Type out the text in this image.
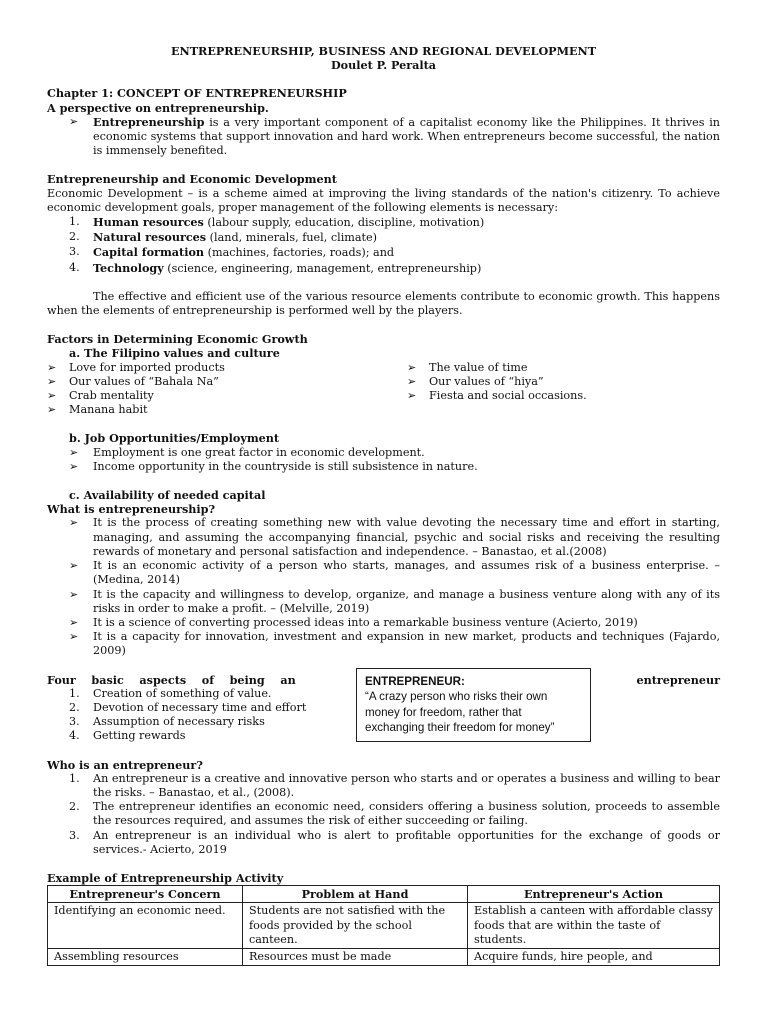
ENTREPRENEURSHIP, BUSINESS AND REGIONAL DEVELOPMENT
Doulet P. Peralta
Chapter 1: CONCEPT OF ENTREPRENEURSHIP
A perspective on entrepreneurship.
➢ Entrepreneurship is a very important component of a capitalist economy like the Philippines. It thrives in economic systems that support innovation and hard work. When entrepreneurs become successful, the nation is immensely benefited.
Entrepreneurship and Economic Development
Economic Development – is a scheme aimed at improving the living standards of the nation's citizenry. To achieve economic development goals, proper management of the following elements is necessary:
1. Human resources (labour supply, education, discipline, motivation)
2. Natural resources (land, minerals, fuel, climate)
3. Capital formation (machines, factories, roads); and
4. Technology (science, engineering, management, entrepreneurship)
The effective and efficient use of the various resource elements contribute to economic growth. This happens when the elements of entrepreneurship is performed well by the players.
Factors in Determining Economic Growth
a. The Filipino values and culture
➢ Love for imported products
➢ Our values of “Bahala Na”
➢ Crab mentality
➢ Manana habit
➢ The value of time
➢ Our values of “hiya”
➢ Fiesta and social occasions.
b. Job Opportunities/Employment
➢ Employment is one great factor in economic development.
➢ Income opportunity in the countryside is still subsistence in nature.
c. Availability of needed capital
What is entrepreneurship?
➢ It is the process of creating something new with value devoting the necessary time and effort in starting, managing, and assuming the accompanying financial, psychic and social risks and receiving the resulting rewards of monetary and personal satisfaction and independence. – Banastao, et al.(2008)
➢ It is an economic activity of a person who starts, manages, and assumes risk of a business enterprise. – (Medina, 2014)
➢ It is the capacity and willingness to develop, organize, and manage a business venture along with any of its risks in order to make a profit. – (Melville, 2019)
➢ It is a science of converting processed ideas into a remarkable business venture (Acierto, 2019)
➢ It is a capacity for innovation, investment and expansion in new market, products and techniques (Fajardo, 2009)
Four    basic    aspects    of    being    an	entrepreneur
1. Creation of something of value.
2. Devotion of necessary time and effort
3. Assumption of necessary risks
4. Getting rewards
ENTREPRENEUR:
“A crazy person who risks their own money for freedom, rather that exchanging their freedom for money”
Who is an entrepreneur?
1. An entrepreneur is a creative and innovative person who starts and or operates a business and willing to bear the risks. – Banastao, et al., (2008).
2. The entrepreneur identifies an economic need, considers offering a business solution, proceeds to assemble the resources required, and assumes the risk of either succeeding or failing.
3. An entrepreneur is an individual who is alert to profitable opportunities for the exchange of goods or services.- Acierto, 2019
Example of Entrepreneurship Activity
Entrepreneur's Concern	Problem at Hand	Entrepreneur's Action
Identifying an economic need.	Students are not satisfied with the foods provided by the school canteen.	Establish a canteen with affordable classy foods that are within the taste of students.
Assembling resources	Resources must be made	Acquire funds, hire people, and
